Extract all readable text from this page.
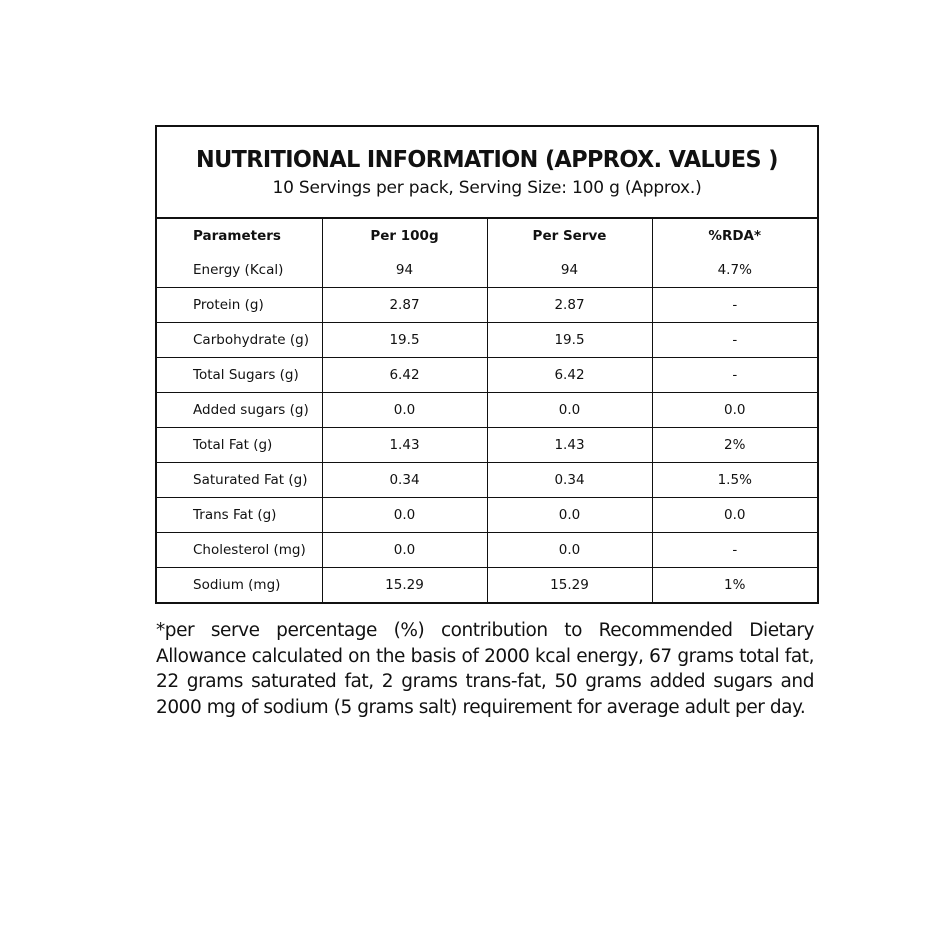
NUTRITIONAL INFORMATION (APPROX. VALUES )
10 Servings per pack, Serving Size: 100 g (Approx.)
Parameters	Per 100g	Per Serve	%RDA*
Energy (Kcal)	94	94	4.7%
Protein (g)	2.87	2.87	-
Carbohydrate (g)	19.5	19.5	-
Total Sugars (g)	6.42	6.42	-
Added sugars (g)	0.0	0.0	0.0
Total Fat (g)	1.43	1.43	2%
Saturated Fat (g)	0.34	0.34	1.5%
Trans Fat (g)	0.0	0.0	0.0
Cholesterol (mg)	0.0	0.0	-
Sodium (mg)	15.29	15.29	1%
*per serve percentage (%) contribution to Recommended Dietary Allowance calculated on the basis of 2000 kcal energy, 67 grams total fat, 22 grams saturated fat, 2 grams trans-fat, 50 grams added sugars and 2000 mg of sodium (5 grams salt) requirement for average adult per day.
